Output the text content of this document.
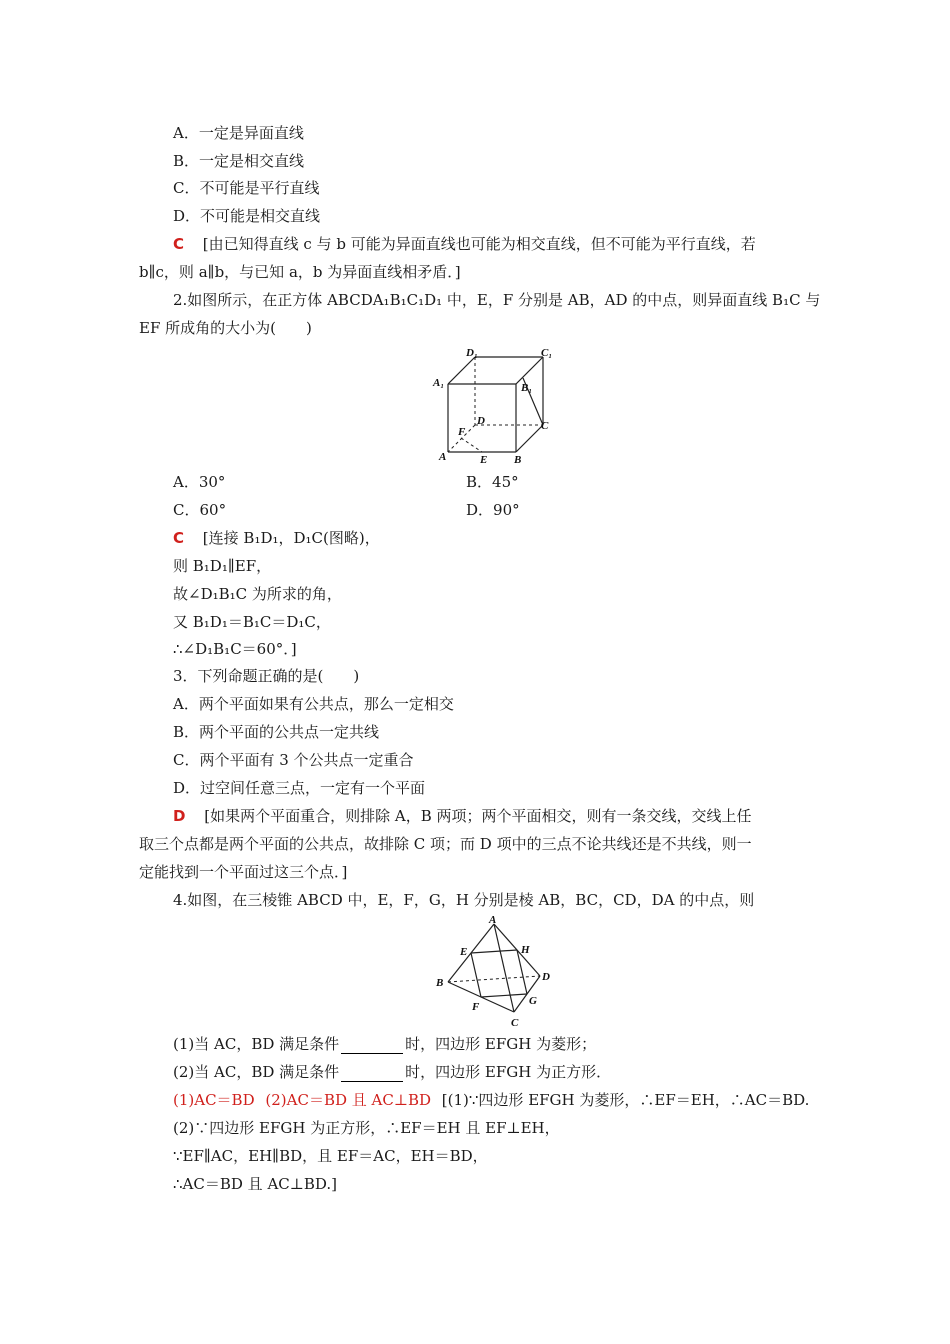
A．一定是异面直线
B．一定是相交直线
C．不可能是平行直线
D．不可能是相交直线
C [由已知得直线 c 与 b 可能为异面直线也可能为相交直线，但不可能为平行直线，若
b∥c，则 a∥b，与已知 a，b 为异面直线相矛盾．]
2.如图所示，在正方体 ABCDA₁B₁C₁D₁ 中，E，F 分别是 AB，AD 的中点，则异面直线 B₁C 与
EF 所成角的大小为(　　)
D₁	C₁
A₁	B₁
D	C
F
A	E B
A．30°	B．45°
C．60°	D．90°
C [连接 B₁D₁，D₁C(图略)，
则 B₁D₁∥EF，
故∠D₁B₁C 为所求的角，
又 B₁D₁＝B₁C＝D₁C，
∴∠D₁B₁C＝60°．]
3．下列命题正确的是(　　)
A．两个平面如果有公共点，那么一定相交
B．两个平面的公共点一定共线
C．两个平面有 3 个公共点一定重合
D．过空间任意三点，一定有一个平面
D [如果两个平面重合，则排除 A，B 两项；两个平面相交，则有一条交线，交线上任
取三个点都是两个平面的公共点，故排除 C 项；而 D 项中的三点不论共线还是不共线，则一
定能找到一个平面过这三个点．]
4.如图，在三棱锥 ABCD 中，E，F，G，H 分别是棱 AB，BC，CD，DA 的中点，则
A
E	H
B	D
F	G
C
(1)当 AC，BD 满足条件	时，四边形 EFGH 为菱形；
(2)当 AC，BD 满足条件	时，四边形 EFGH 为正方形．
(1)AC＝BD (2)AC＝BD 且 AC⊥BD [(1)∵四边形 EFGH 为菱形，∴EF＝EH，∴AC＝BD.
(2)∵四边形 EFGH 为正方形，∴EF＝EH 且 EF⊥EH，
∵EF∥AC，EH∥BD，且 EF＝AC，EH＝BD，
∴AC＝BD 且 AC⊥BD.]
